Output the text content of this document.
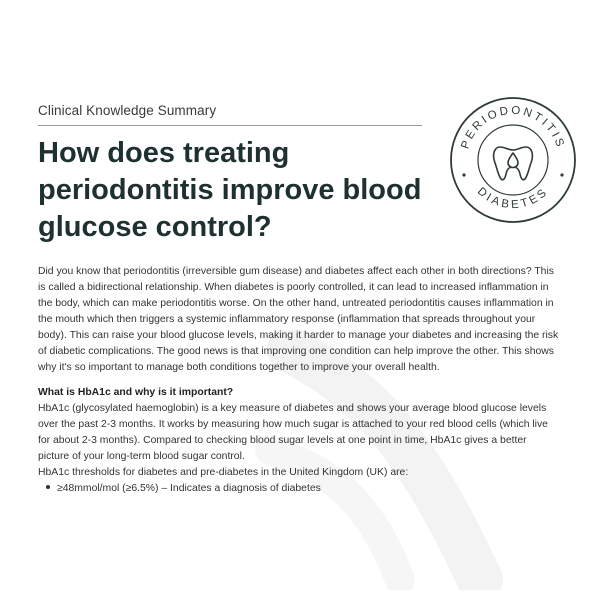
Clinical Knowledge Summary
How does treating
periodontitis improve blood
glucose control?
PERIODONTITIS
DIABETES
Did you know that periodontitis (irreversible gum disease) and diabetes affect each other in both directions? This
is called a bidirectional relationship. When diabetes is poorly controlled, it can lead to increased inflammation in
the body, which can make periodontitis worse. On the other hand, untreated periodontitis causes inflammation in
the mouth which then triggers a systemic inflammatory response (inflammation that spreads throughout your
body). This can raise your blood glucose levels, making it harder to manage your diabetes and increasing the risk
of diabetic complications. The good news is that improving one condition can help improve the other. This shows
why it's so important to manage both conditions together to improve your overall health.
What is HbA1c and why is it important?
HbA1c (glycosylated haemoglobin) is a key measure of diabetes and shows your average blood glucose levels
over the past 2-3 months. It works by measuring how much sugar is attached to your red blood cells (which live
for about 2-3 months). Compared to checking blood sugar levels at one point in time, HbA1c gives a better
picture of your long-term blood sugar control.
HbA1c thresholds for diabetes and pre-diabetes in the United Kingdom (UK) are:
≥48mmol/mol (≥6.5%) – Indicates a diagnosis of diabetes
